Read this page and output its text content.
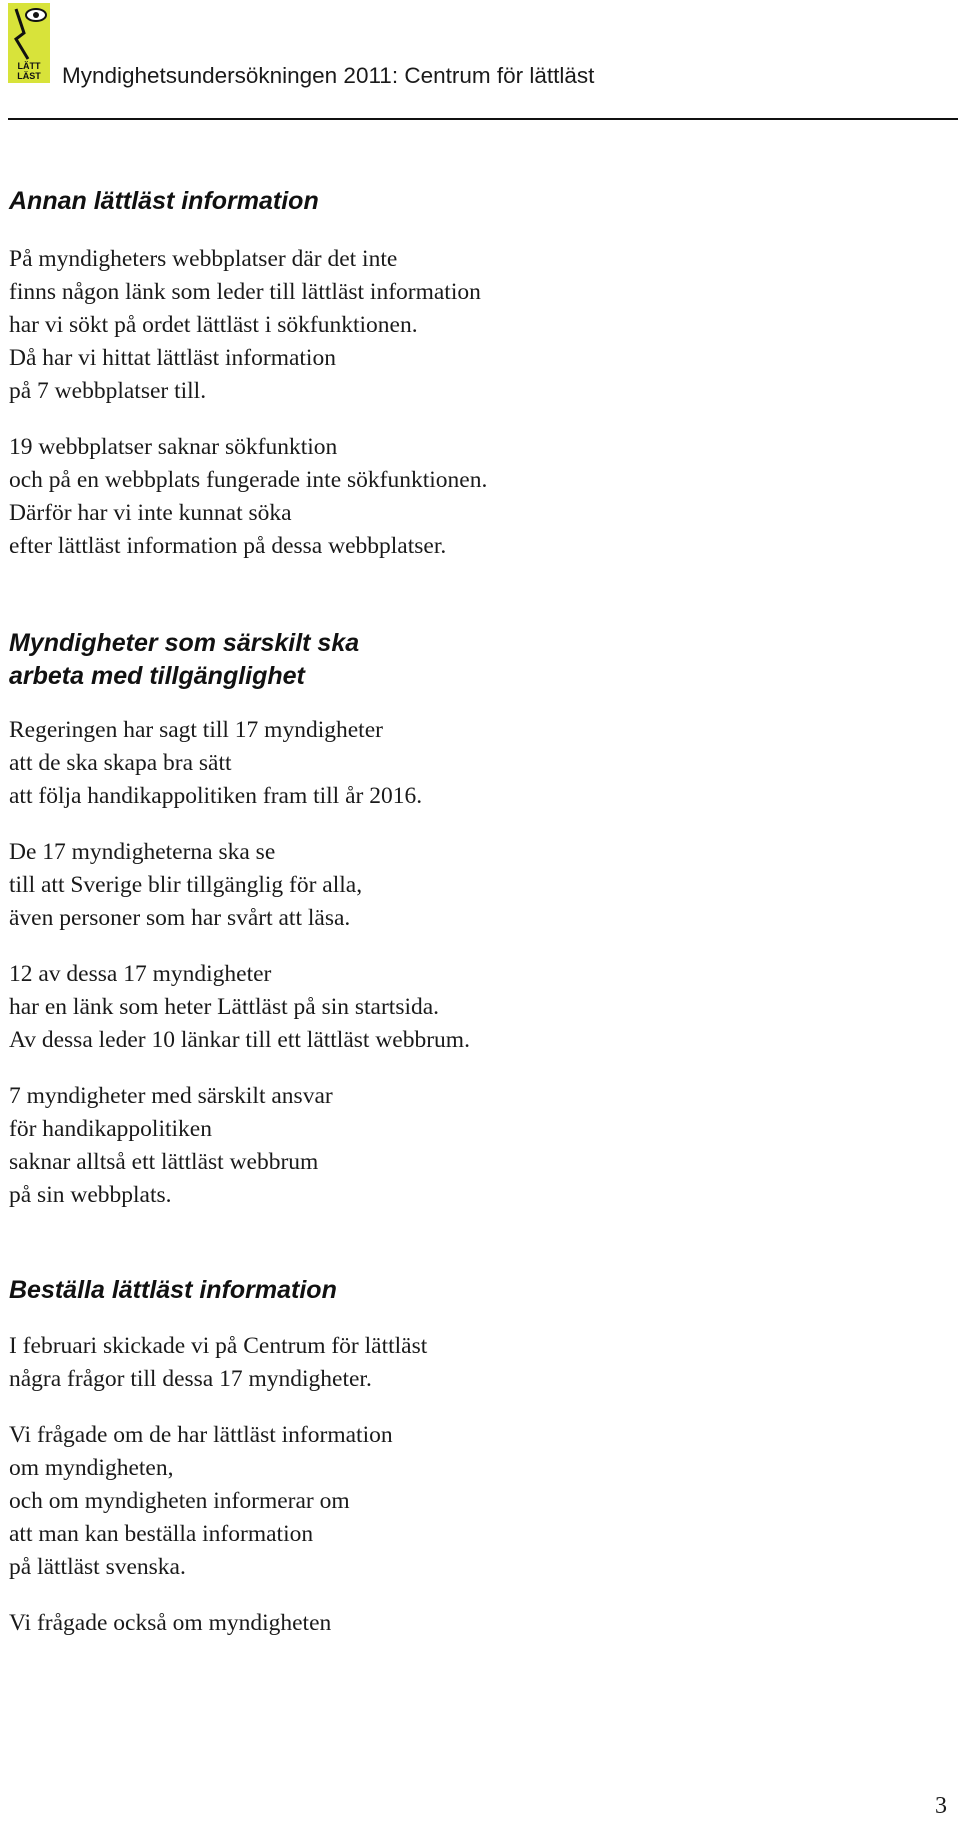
LÄTT
LÄST Myndighetsundersökningen 2011: Centrum för lättläst
Annan lättläst information
På myndigheters webbplatser där det inte
finns någon länk som leder till lättläst information
har vi sökt på ordet lättläst i sökfunktionen.
Då har vi hittat lättläst information
på 7 webbplatser till.
19 webbplatser saknar sökfunktion
och på en webbplats fungerade inte sökfunktionen.
Därför har vi inte kunnat söka
efter lättläst information på dessa webbplatser.
Myndigheter som särskilt ska
arbeta med tillgänglighet
Regeringen har sagt till 17 myndigheter
att de ska skapa bra sätt
att följa handikappolitiken fram till år 2016.
De 17 myndigheterna ska se
till att Sverige blir tillgänglig för alla,
även personer som har svårt att läsa.
12 av dessa 17 myndigheter
har en länk som heter Lättläst på sin startsida.
Av dessa leder 10 länkar till ett lättläst webbrum.
7 myndigheter med särskilt ansvar
för handikappolitiken
saknar alltså ett lättläst webbrum
på sin webbplats.
Beställa lättläst information
I februari skickade vi på Centrum för lättläst
några frågor till dessa 17 myndigheter.
Vi frågade om de har lättläst information
om myndigheten,
och om myndigheten informerar om
att man kan beställa information
på lättläst svenska.
Vi frågade också om myndigheten
3
